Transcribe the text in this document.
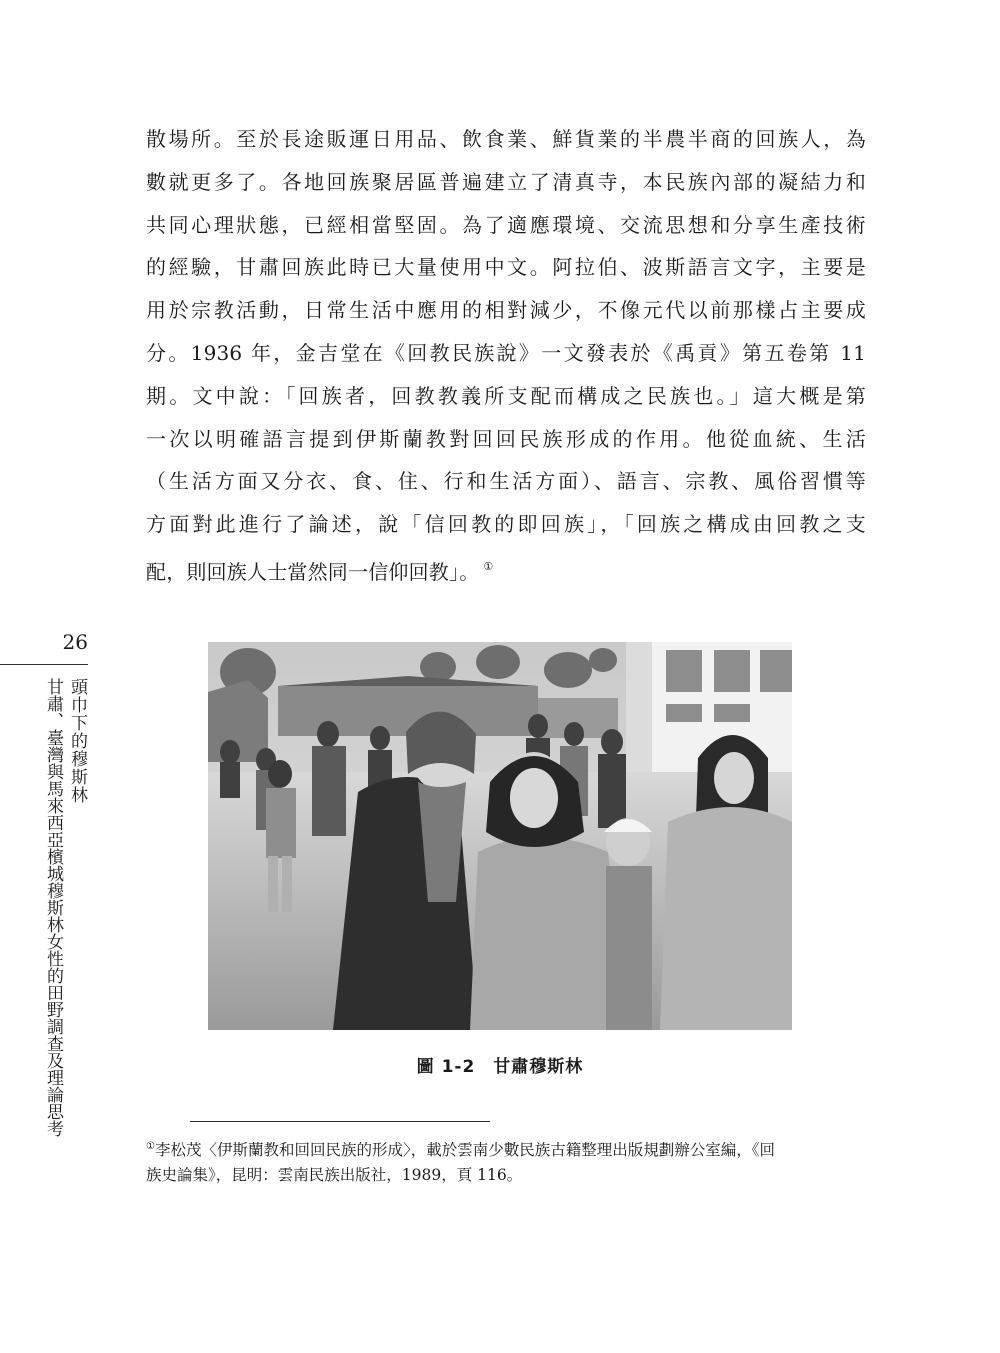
散場所。至於長途販運日用品、飲食業、鮮貨業的半農半商的回族人，為
數就更多了。各地回族聚居區普遍建立了清真寺，本民族內部的凝結力和
共同心理狀態，已經相當堅固。為了適應環境、交流思想和分享生產技術
的經驗，甘肅回族此時已大量使用中文。阿拉伯、波斯語言文字，主要是
用於宗教活動，日常生活中應用的相對減少，不像元代以前那樣占主要成
分。1936 年，金吉堂在《回教民族說》一文發表於《禹貢》第五卷第 11
期。文中說：「回族者，回教教義所支配而構成之民族也。」這大概是第
一次以明確語言提到伊斯蘭教對回回民族形成的作用。他從血統、生活
（生活方面又分衣、食、住、行和生活方面）、語言、宗教、風俗習慣等
方面對此進行了論述，說「信回教的即回族」，「回族之構成由回教之支
配，則回族人士當然同一信仰回教」。 ①
26
頭巾下的穆斯林
甘肅、臺灣與馬來西亞檳城穆斯林女性的田野調查及理論思考	圖 1-2　甘肅穆斯林
①李松茂〈伊斯蘭教和回回民族的形成〉，載於雲南少數民族古籍整理出版規劃辦公室編，《回
族史論集》，昆明：雲南民族出版社，1989，頁 116。
